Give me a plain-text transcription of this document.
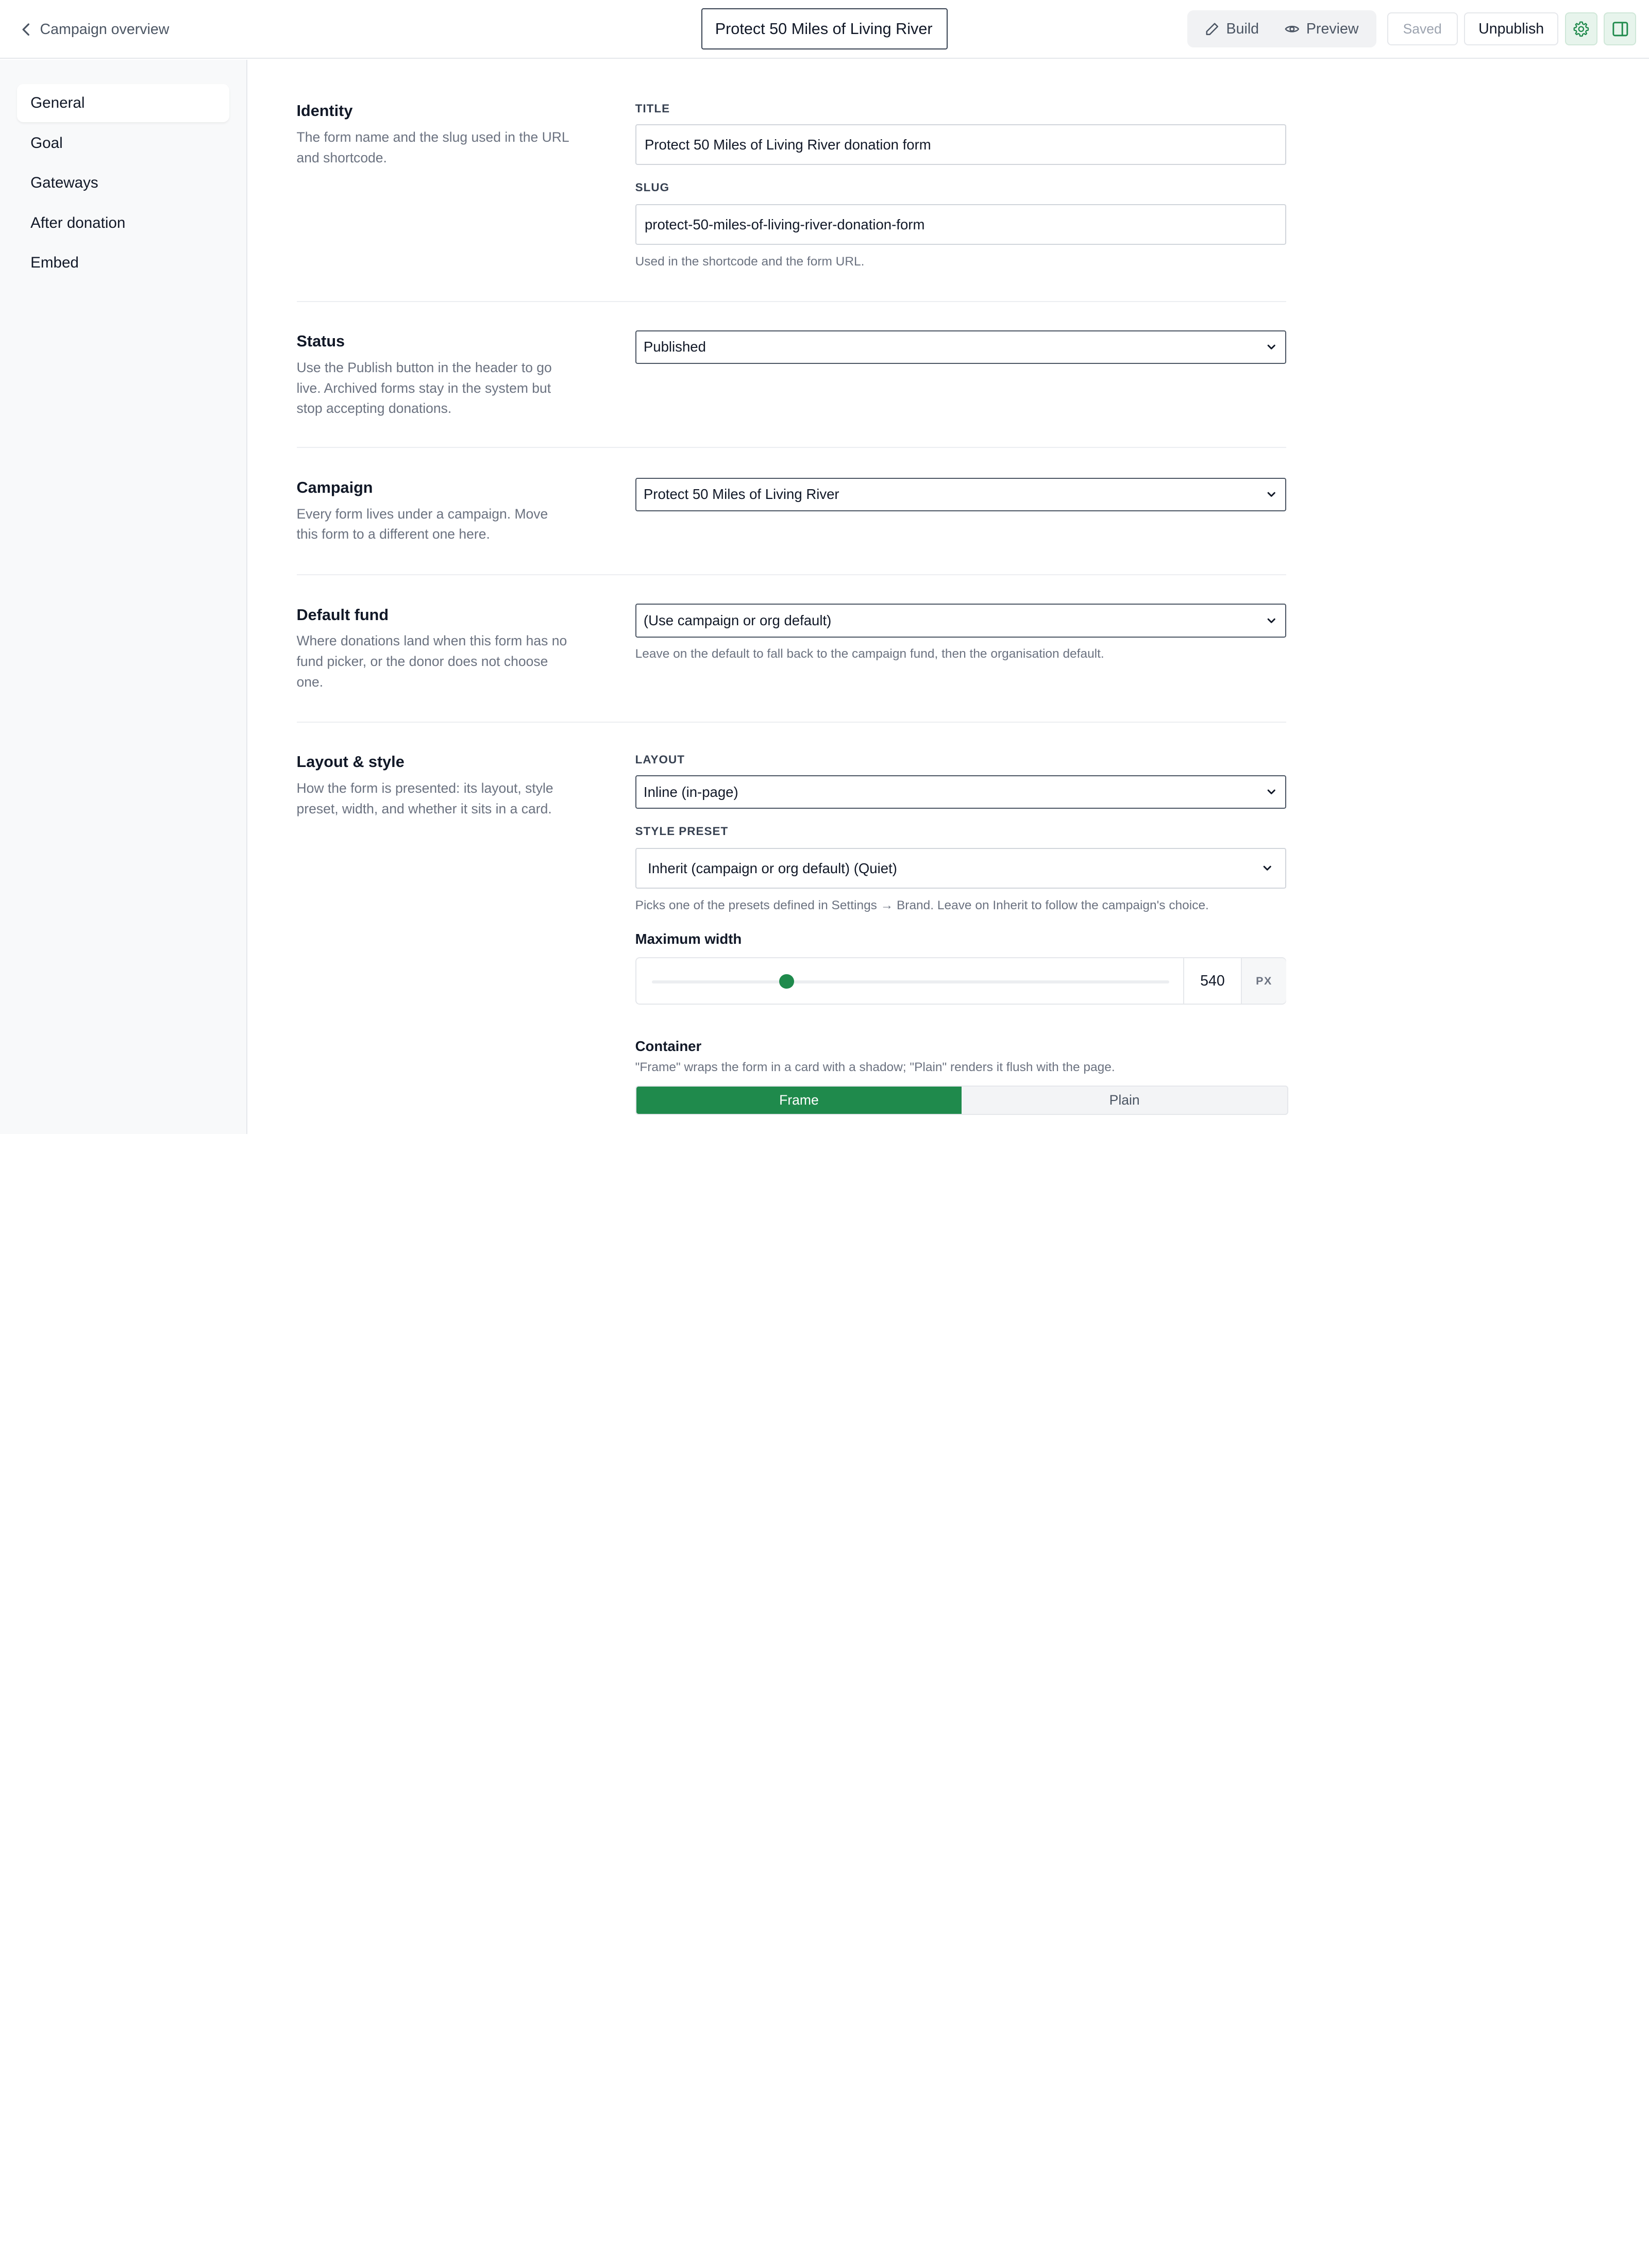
Campaign overview
Protect 50 Miles of Living River donation form	Build	Preview	Saved	Unpublish
General
Goal
Gateways
After donation
Embed
Identity
The form name and the slug used in the URL and shortcode.
TITLE
Protect 50 Miles of Living River donation form
SLUG
protect-50-miles-of-living-river-donation-form
Used in the shortcode and the form URL.
Status
Use the Publish button in the header to go live. Archived forms stay in the system but stop accepting donations.
Published
Campaign
Every form lives under a campaign. Move this form to a different one here.
Protect 50 Miles of Living River
Default fund
Where donations land when this form has no fund picker, or the donor does not choose one.
(Use campaign or org default)
Leave on the default to fall back to the campaign fund, then the organisation default.
Layout & style
How the form is presented: its layout, style preset, width, and whether it sits in a card.
LAYOUT
Inline (in-page)
STYLE PRESET
Inherit (campaign or org default) (Quiet)
Picks one of the presets defined in Settings → Brand. Leave on Inherit to follow the campaign's choice.
Maximum width
540	PX
Container
"Frame" wraps the form in a card with a shadow; "Plain" renders it flush with the page.
Frame	Plain
